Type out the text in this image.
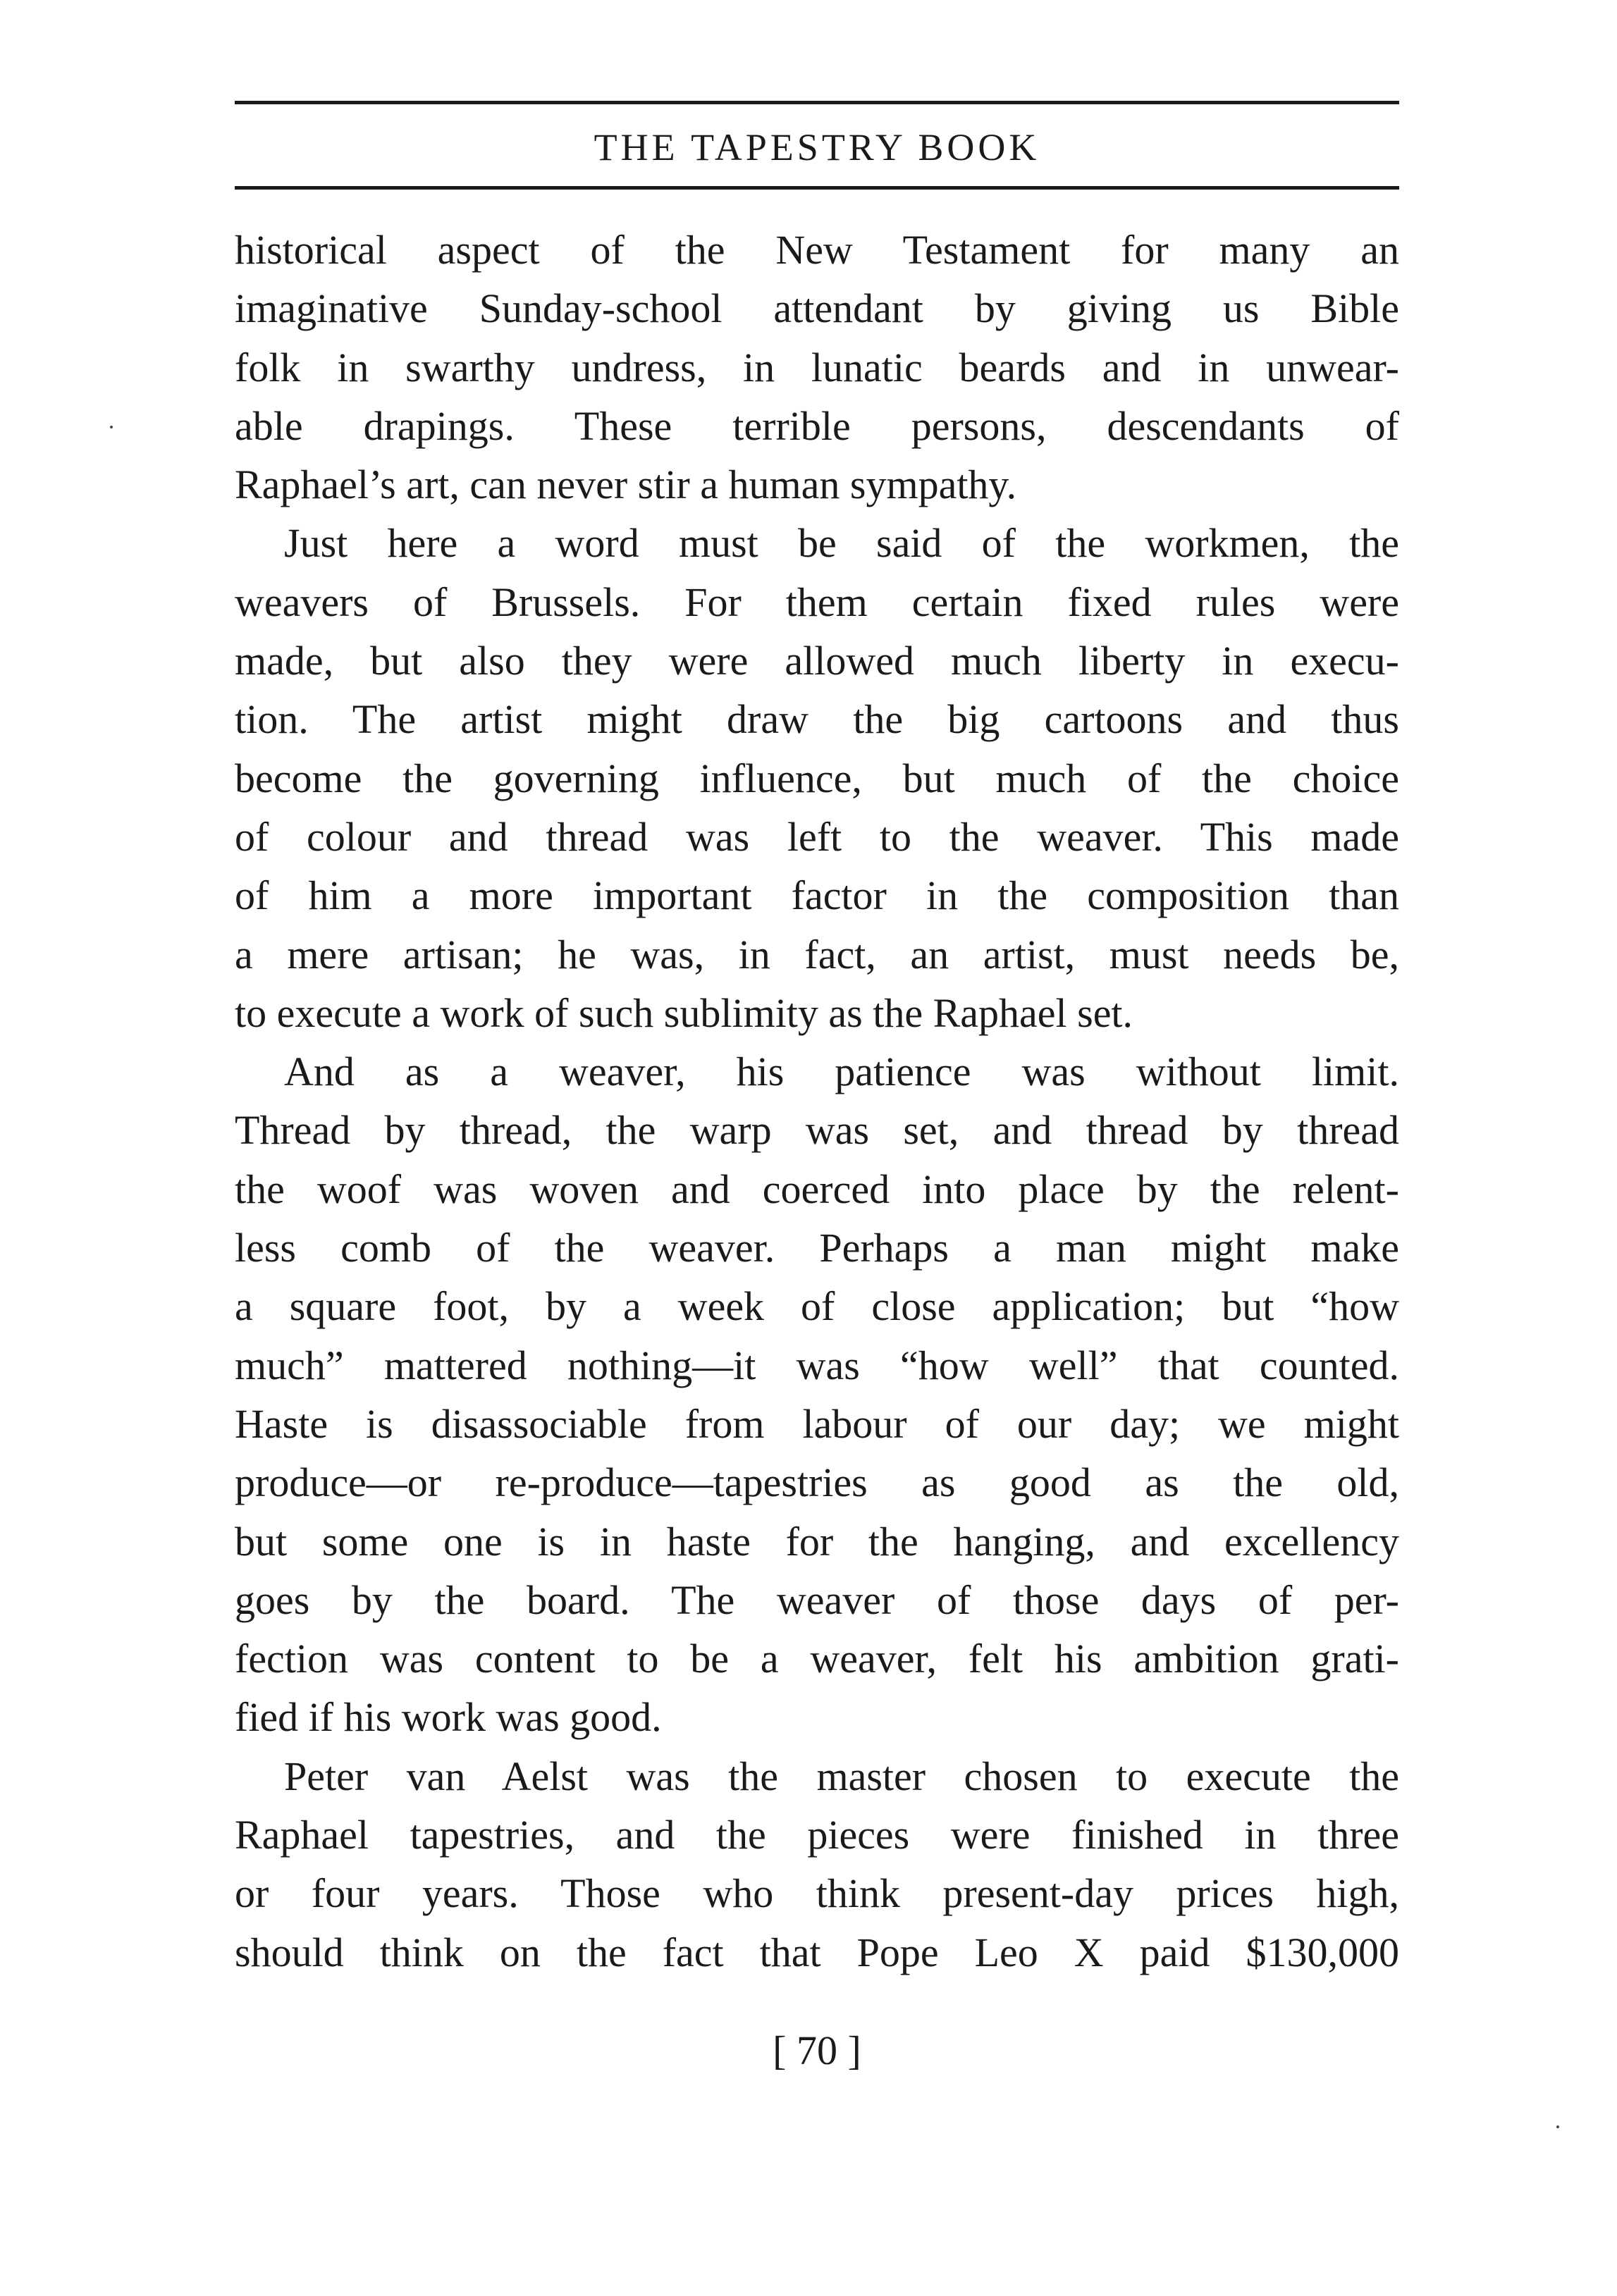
THE TAPESTRY BOOK
historical aspect of the New Testament for many an
imaginative Sunday-school attendant by giving us Bible
folk in swarthy undress, in lunatic beards and in unwear-
able drapings. These terrible persons, descendants of
Raphael’s art, can never stir a human sympathy.
Just here a word must be said of the workmen, the
weavers of Brussels. For them certain fixed rules were
made, but also they were allowed much liberty in execu-
tion. The artist might draw the big cartoons and thus
become the governing influence, but much of the choice
of colour and thread was left to the weaver. This made
of him a more important factor in the composition than
a mere artisan; he was, in fact, an artist, must needs be,
to execute a work of such sublimity as the Raphael set.
And as a weaver, his patience was without limit.
Thread by thread, the warp was set, and thread by thread
the woof was woven and coerced into place by the relent-
less comb of the weaver. Perhaps a man might make
a square foot, by a week of close application; but “how
much” mattered nothing—it was “how well” that counted.
Haste is disassociable from labour of our day; we might
produce—or re-produce—tapestries as good as the old,
but some one is in haste for the hanging, and excellency
goes by the board. The weaver of those days of per-
fection was content to be a weaver, felt his ambition grati-
fied if his work was good.
Peter van Aelst was the master chosen to execute the
Raphael tapestries, and the pieces were finished in three
or four years. Those who think present-day prices high,
should think on the fact that Pope Leo X paid $130,000
[ 70 ]
